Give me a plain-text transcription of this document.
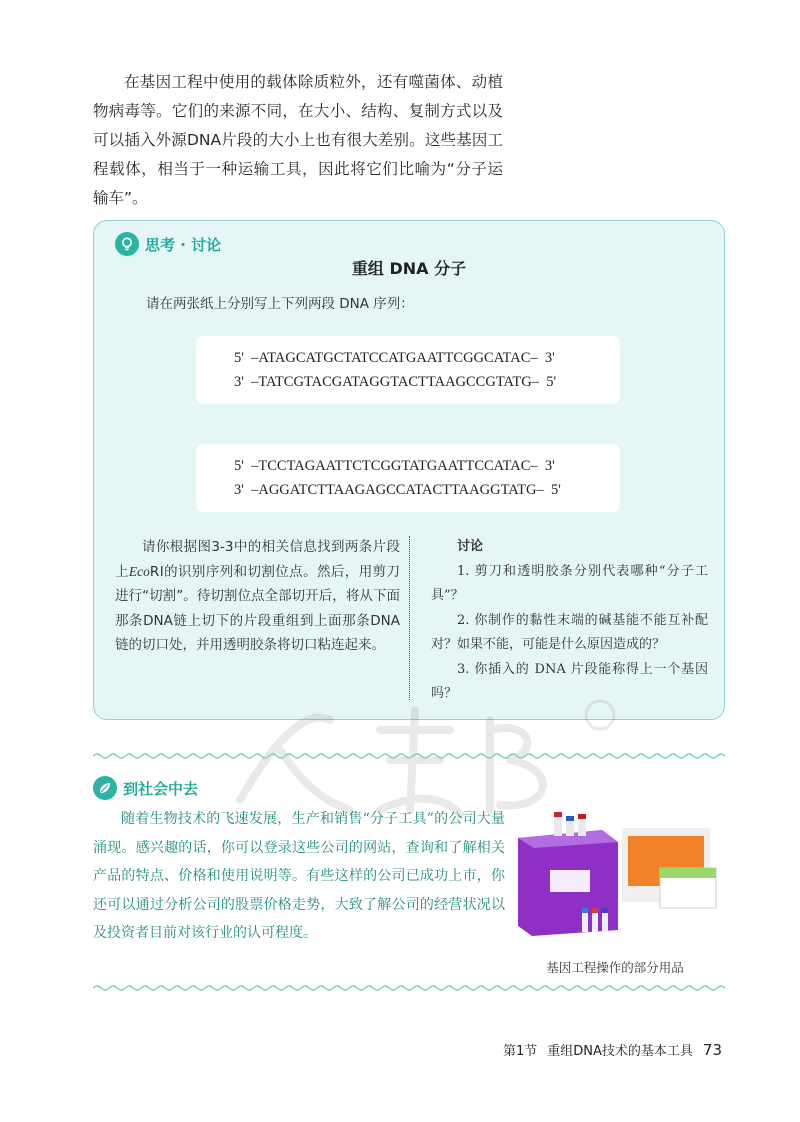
在基因工程中使用的载体除质粒外，还有噬菌体、动植物病毒等。它们的来源不同，在大小、结构、复制方式以及可以插入外源DNA片段的大小上也有很大差别。这些基因工程载体，相当于一种运输工具，因此将它们比喻为“分子运输车”。

思考 · 讨论
重组 DNA 分子
请在两张纸上分别写上下列两段 DNA 序列：
5'  –ATAGCATGCTATCCATGAATTCGGCATAC–  3'
3'  –TATCGTACGATAGGTACTTAAGCCGTATG–  5'
5'  –TCCTAGAATTCTCGGTATGAATTCCATAC–  3'
3'  –AGGATCTTAAGAGCCATACTTAAGGTATG–  5'

请你根据图3-3中的相关信息找到两条片段上EcoRⅠ的识别序列和切割位点。然后，用剪刀进行“切割”。待切割位点全部切开后，将从下面那条DNA链上切下的片段重组到上面那条DNA链的切口处，并用透明胶条将切口粘连起来。

讨论

1. 剪刀和透明胶条分别代表哪种“分子工具”？

2. 你制作的黏性末端的碱基能不能互补配对？如果不能，可能是什么原因造成的？

3. 你插入的 DNA 片段能称得上一个基因吗？

到社会中去

随着生物技术的飞速发展，生产和销售“分子工具”的公司大量涌现。感兴趣的话，你可以登录这些公司的网站，查询和了解相关产品的特点、价格和使用说明等。有些这样的公司已成功上市，你还可以通过分析公司的股票价格走势，大致了解公司的经营状况以及投资者目前对该行业的认可程度。

基因工程操作的部分用品
第1节 重组DNA技术的基本工具 73
